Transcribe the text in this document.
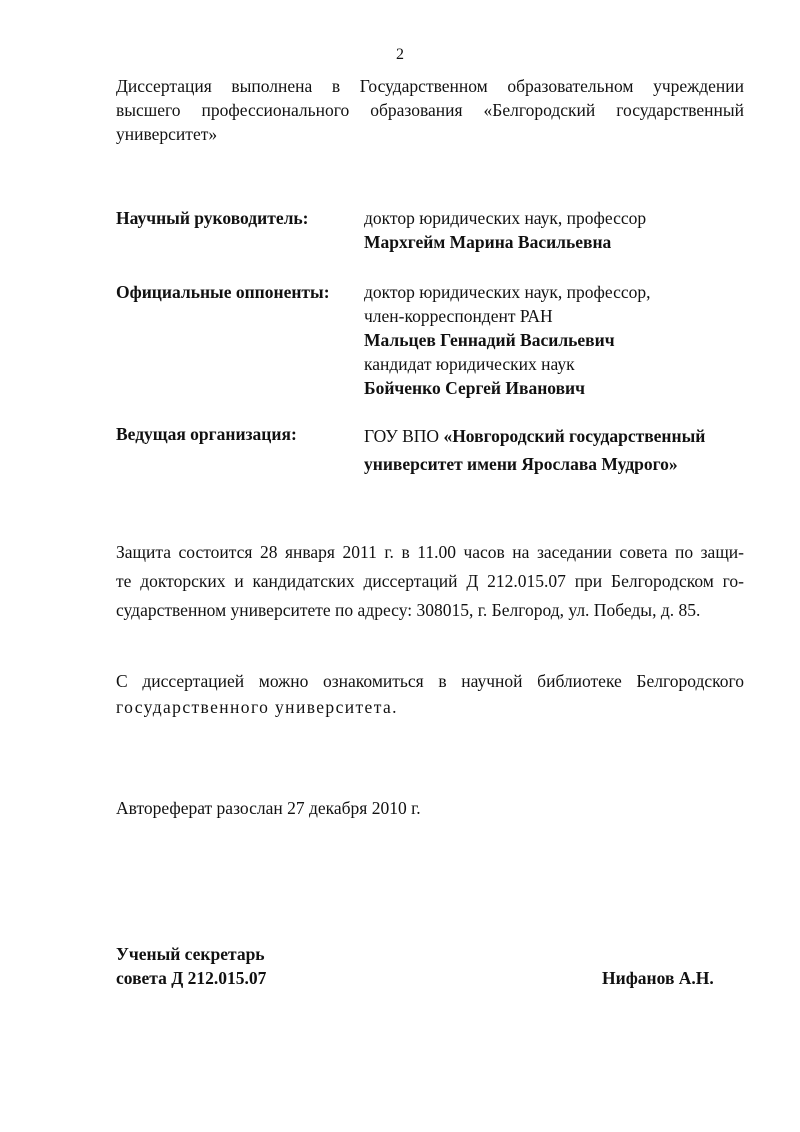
2
Диссертация выполнена в Государственном образовательном учреждении
высшего профессионального образования «Белгородский государственный
университет»
Научный руководитель:	доктор юридических наук, профессор
Мархгейм Марина Васильевна
Официальные оппоненты: доктор юридических наук, профессор,
член-корреспондент РАН
Мальцев Геннадий Васильевич
кандидат юридических наук
Бойченко Сергей Иванович
Ведущая организация:	ГОУ ВПО «Новгородский государственный
университет имени Ярослава Мудрого»
Защита состоится 28 января 2011 г. в 11.00 часов на заседании совета по защи-
те докторских и кандидатских диссертаций Д 212.015.07 при Белгородском го-
сударственном университете по адресу: 308015, г. Белгород, ул. Победы, д. 85.
С диссертацией можно ознакомиться в научной библиотеке Белгородского
государственного университета.
Автореферат разослан 27 декабря 2010 г.
Ученый секретарь
совета Д 212.015.07	Нифанов А.Н.
